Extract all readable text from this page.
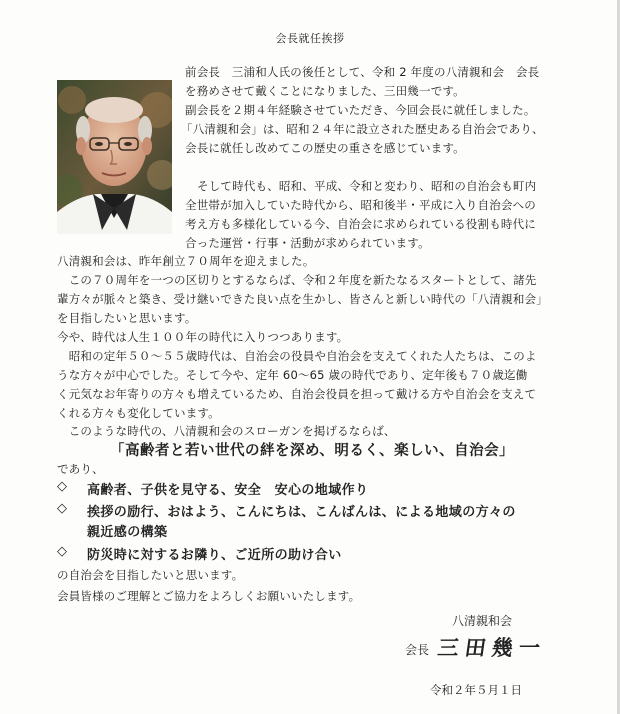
会長就任挨拶
前会長　三浦和人氏の後任として、令和 2 年度の八清親和会　会長
を務めさせて戴くことになりました、三田幾一です。
副会長を２期４年経験させていただき、今回会長に就任しました。
「八清親和会」は、昭和２４年に設立された歴史ある自治会であり、
会長に就任し改めてこの歴史の重さを感じています。
そして時代も、昭和、平成、令和と変わり、昭和の自治会も町内
全世帯が加入していた時代から、昭和後半・平成に入り自治会への
考え方も多様化している今、自治会に求められている役割も時代に
合った運営・行事・活動が求められています。
八清親和会は、昨年創立７０周年を迎えました。
　この７０周年を一つの区切りとするならば、令和２年度を新たなるスタートとして、諸先
輩方々が脈々と築き、受け継いできた良い点を生かし、皆さんと新しい時代の「八清親和会」
を目指したいと思います。
今や、時代は人生１００年の時代に入りつつあります。
　昭和の定年５０～５５歳時代は、自治会の役員や自治会を支えてくれた人たちは、このよ
うな方々が中心でした。そして今や、定年 60～65 歳の時代であり、定年後も７０歳迄働
く元気なお年寄りの方々も増えているため、自治会役員を担って戴ける方や自治会を支えて
くれる方々も変化しています。
　このような時代の、八清親和会のスローガンを掲げるならば、
「高齢者と若い世代の絆を深め、明るく、楽しい、自治会」
であり、
◇ 高齢者、子供を見守る、安全　安心の地域作り
◇ 挨拶の励行、おはよう、こんにちは、こんばんは、による地域の方々の
親近感の構築
◇ 防災時に対するお隣り、ご近所の助け合い
の自治会を目指したいと思います。
会員皆様のご理解とご協力をよろしくお願いいたします。
八清親和会
会長 三田幾一
令和２年５月１日
